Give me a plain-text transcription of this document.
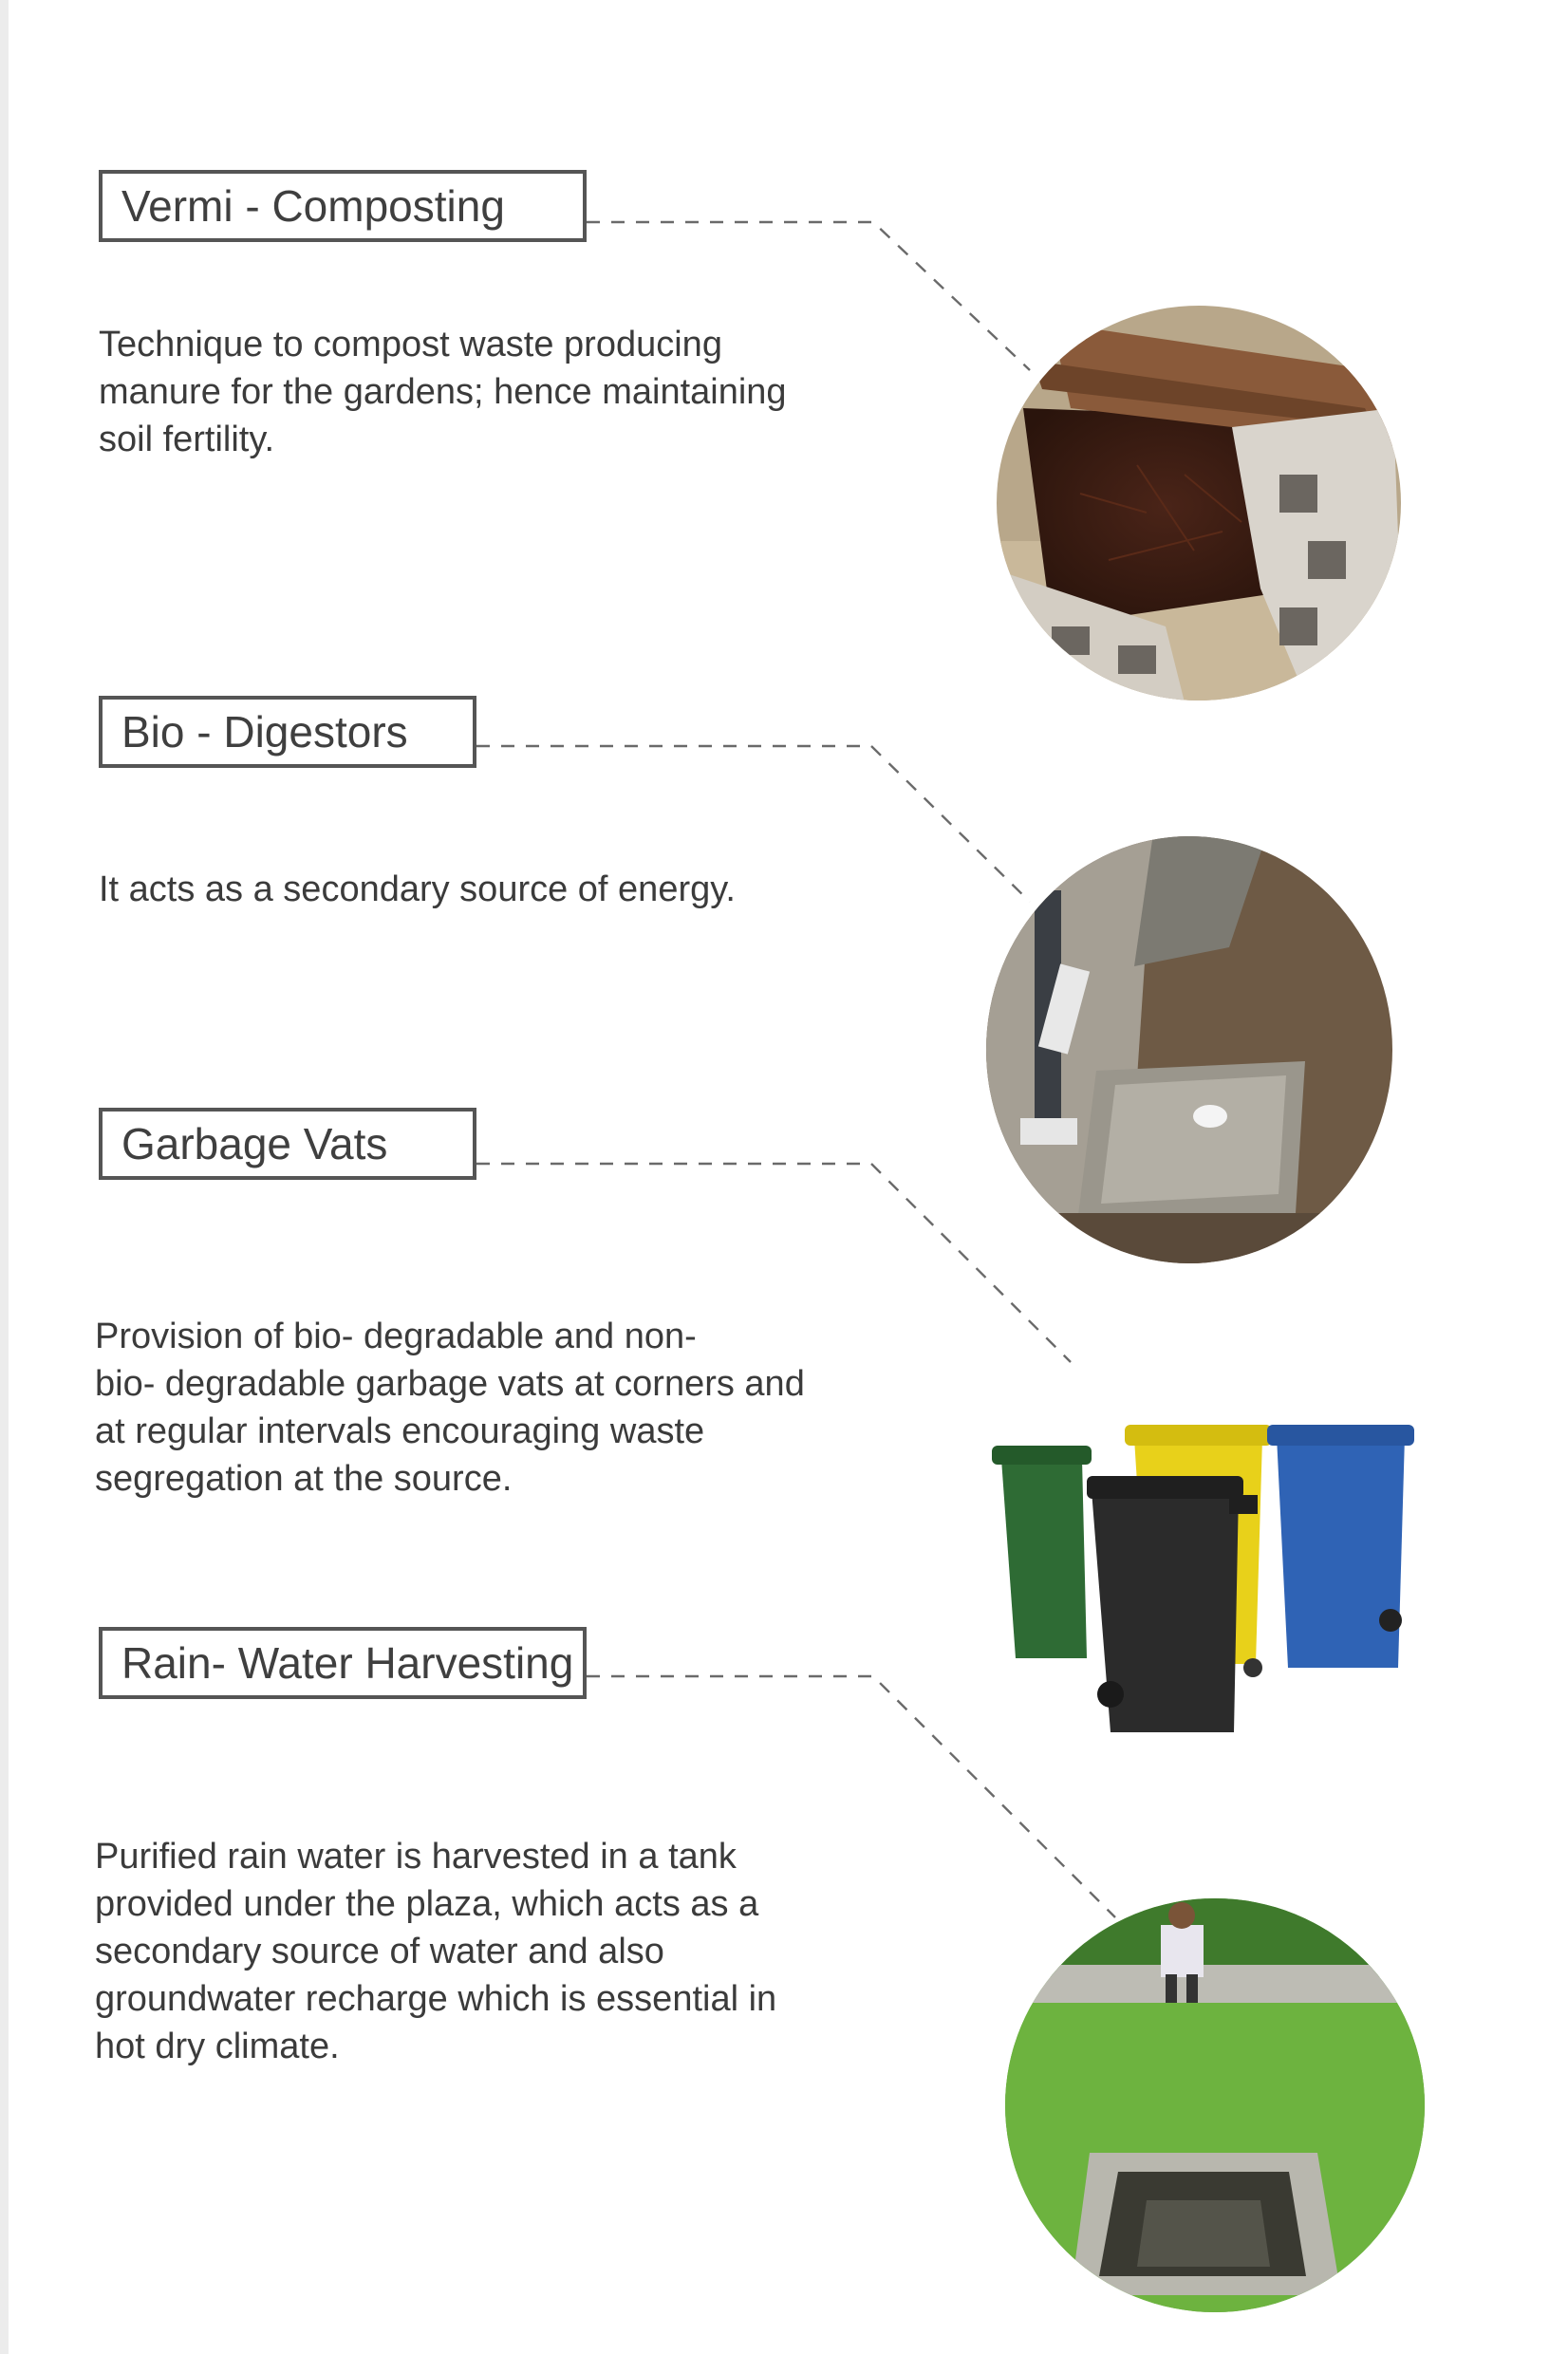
Vermi - Composting

Technique to compost waste producing
manure for the gardens; hence maintaining
soil fertility.

Bio - Digestors

It acts as a secondary source of energy.

Garbage Vats

Provision of bio- degradable and non-
bio- degradable garbage vats at corners and
at regular intervals encouraging waste
segregation at the source.

Rain- Water Harvesting

Purified rain water is harvested in a tank
provided under the plaza, which acts as a
secondary source of water and also
groundwater recharge which is essential in
hot dry climate.
